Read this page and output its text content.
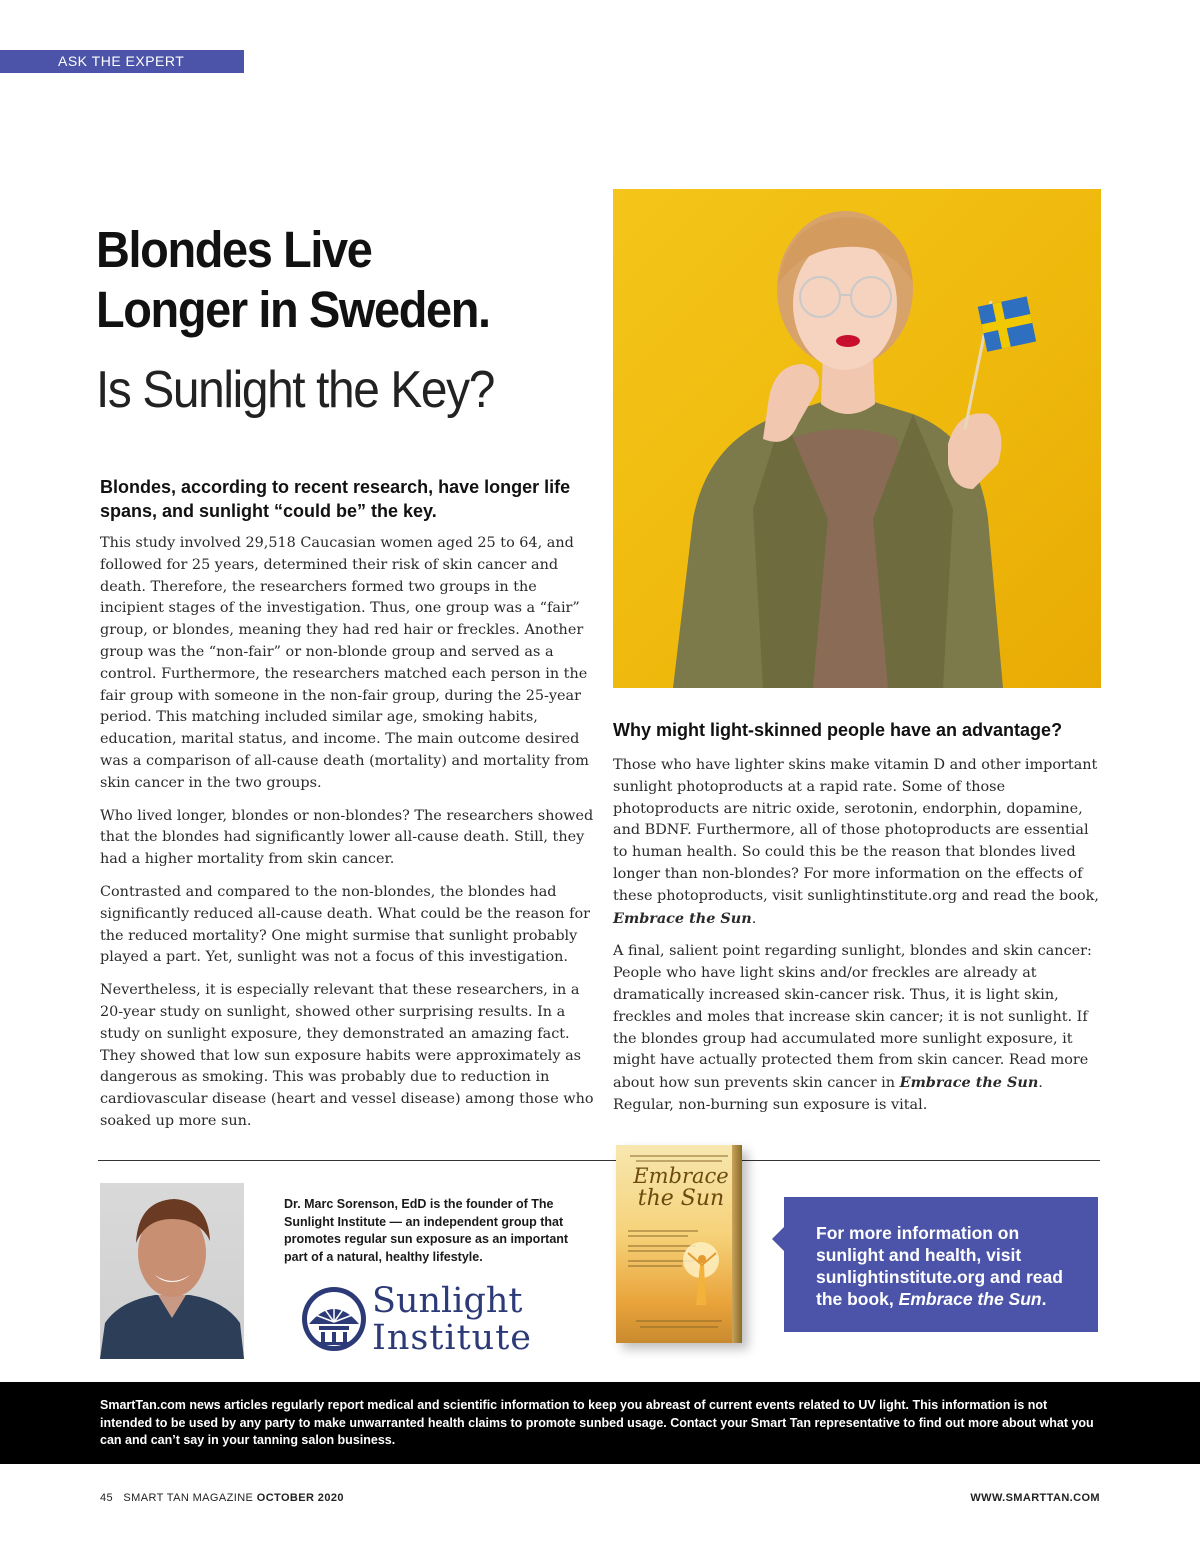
ASK THE EXPERT
Blondes Live
Longer in Sweden.
Is Sunlight the Key?
Blondes, according to recent research, have longer life spans, and sunlight “could be” the key.

This study involved 29,518 Caucasian women aged 25 to 64, and followed for 25 years, determined their risk of skin cancer and death. Therefore, the researchers formed two groups in the incipient stages of the investigation. Thus, one group was a “fair” group, or blondes, meaning they had red hair or freckles. Another group was the “non-fair” or non-blonde group and served as a control. Furthermore, the researchers matched each person in the fair group with someone in the non-fair group, during the 25-year period. This matching included similar age, smoking habits, education, marital status, and income. The main outcome desired was a comparison of all-cause death (mortality) and mortality from skin cancer in the two groups.

Who lived longer, blondes or non-blondes? The researchers showed that the blondes had significantly lower all-cause death. Still, they had a higher mortality from skin cancer.

Contrasted and compared to the non-blondes, the blondes had significantly reduced all-cause death. What could be the reason for the reduced mortality? One might surmise that sunlight probably played a part. Yet, sunlight was not a focus of this investigation.

Nevertheless, it is especially relevant that these researchers, in a 20-year study on sunlight, showed other surprising results. In a study on sunlight exposure, they demonstrated an amazing fact. They showed that low sun exposure habits were approximately as dangerous as smoking. This was probably due to reduction in cardiovascular disease (heart and vessel disease) among those who soaked up more sun.

Why might light-skinned people have an advantage?

Those who have lighter skins make vitamin D and other important sunlight photoproducts at a rapid rate. Some of those photoproducts are nitric oxide, serotonin, endorphin, dopamine, and BDNF. Furthermore, all of those photoproducts are essential to human health. So could this be the reason that blondes lived longer than non-blondes? For more information on the effects of these photoproducts, visit sunlightinstitute.org and read the book, Embrace the Sun.

A final, salient point regarding sunlight, blondes and skin cancer: People who have light skins and/or freckles are already at dramatically increased skin-cancer risk. Thus, it is light skin, freckles and moles that increase skin cancer; it is not sunlight. If the blondes group had accumulated more sunlight exposure, it might have actually protected them from skin cancer. Read more about how sun prevents skin cancer in Embrace the Sun. Regular, non-burning sun exposure is vital.

Dr. Marc Sorenson, EdD is the founder of The Sunlight Institute — an independent group that promotes regular sun exposure as an important part of a natural, healthy lifestyle.
Sunlight
Institute
Embrace
the Sun
For more information on sunlight and health, visit sunlightinstitute.org and read the book, Embrace the Sun.
SmartTan.com news articles regularly report medical and scientific information to keep you abreast of current events related to UV light. This information is not intended to be used by any party to make unwarranted health claims to promote sunbed usage. Contact your Smart Tan representative to find out more about what you can and can’t say in your tanning salon business.
45 SMART TAN MAGAZINE OCTOBER 2020	WWW.SMARTTAN.COM
